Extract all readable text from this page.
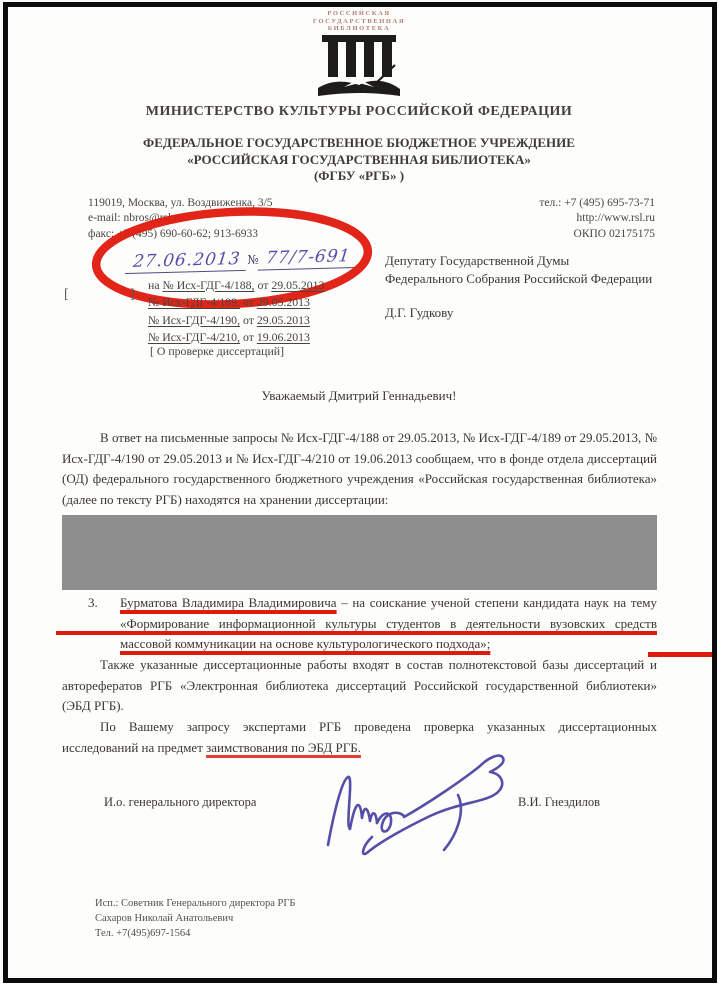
РОССИЙСКАЯ
ГОСУДАРСТВЕННАЯ
БИБЛИОТЕКА
МИНИСТЕРСТВО КУЛЬТУРЫ РОССИЙСКОЙ ФЕДЕРАЦИИ
ФЕДЕРАЛЬНОЕ ГОСУДАРСТВЕННОЕ БЮДЖЕТНОЕ УЧРЕЖДЕНИЕ
«РОССИЙСКАЯ ГОСУДАРСТВЕННАЯ БИБЛИОТЕКА»
(ФГБУ «РГБ» )
119019, Москва, ул. Воздвиженка, 3/5
e-mail: nbros@rsl.ru
факс: +7 (495) 690-60-62; 913-6933
тел.: +7 (495) 695-73-71
http://www.rsl.ru
ОКПО 02175175
27.06.2013 № 77/7-691
[	]
на № Исх-ГДГ-4/188, от 29.05.2013
№ Исх-ГДГ-4/189, от 29.05.2013
№ Исх-ГДГ-4/190, от 29.05.2013
№ Исх-ГДГ-4/210, от 19.06.2013
[ О проверке диссертаций]
Депутату Государственной Думы
Федерального Собрания Российской Федерации
Д.Г. Гудкову
Уважаемый Дмитрий Геннадьевич!

В ответ на письменные запросы № Исх-ГДГ-4/188 от 29.05.2013, № Исх-ГДГ-4/189 от 29.05.2013, № Исх-ГДГ-4/190 от 29.05.2013 и № Исх-ГДГ-4/210 от 19.06.2013 сообщаем, что в фонде отдела диссертаций (ОД) федерального государственного бюджетного учреждения «Российская государственная библиотека» (далее по тексту РГБ) находятся на хранении диссертации:

3. Бурматова Владимира Владимировича – на соискание ученой степени кандидата наук на тему «Формирование информационной культуры студентов в деятельности вузовских средств массовой коммуникации на основе культурологического подхода»;

Также указанные диссертационные работы входят в состав полнотекстовой базы диссертаций и авторефератов РГБ «Электронная библиотека диссертаций Российской государственной библиотеки» (ЭБД РГБ).

По Вашему запросу экспертами РГБ проведена проверка указанных диссертационных исследований на предмет заимствования по ЭБД РГБ.

И.о. генерального директора	В.И. Гнездилов
Исп.: Советник Генерального директора РГБ
Сахаров Николай Анатольевич
Тел. +7(495)697-1564
